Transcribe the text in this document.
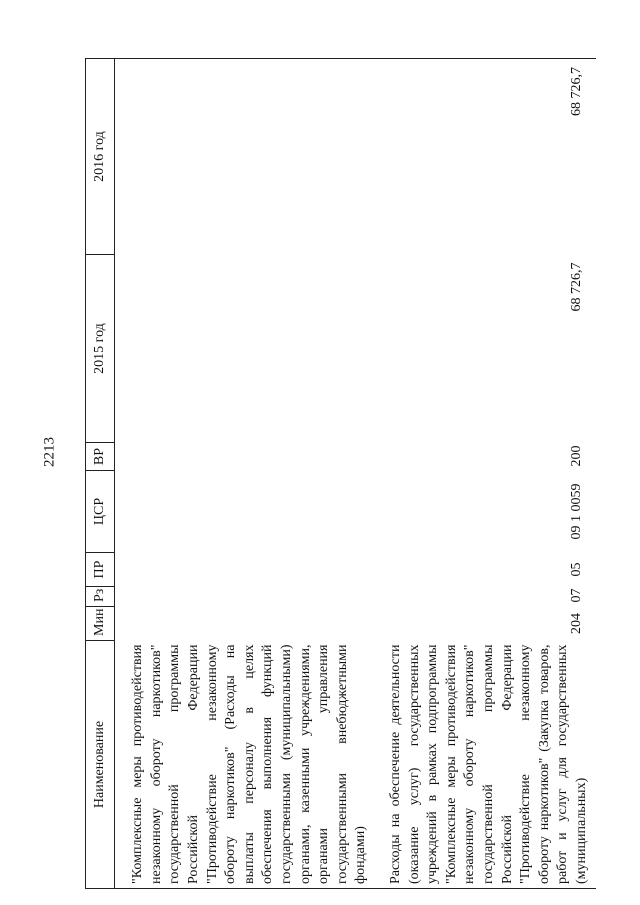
2213
Наименование	Мин	Рз	ПР	ЦСР	ВР	2015 год	2016 год
"Комплексные меры противодействия незаконному обороту наркотиков" государственной программы Российской Федерации "Противодействие незаконному обороту наркотиков" (Расходы на выплаты персоналу в целях обеспечения выполнения функций государственными (муниципальными) органами, казенными учреждениями, органами управления государственными внебюджетными фондами)							
Расходы на обеспечение деятельности (оказание услуг) государственных учреждений в рамках подпрограммы "Комплексные меры противодействия незаконному обороту наркотиков" государственной программы Российской Федерации "Противодействие незаконному обороту наркотиков" (Закупка товаров, работ и услуг для государственных (муниципальных)	204	07	05	09 1 0059	200	68 726,7	68 726,7
